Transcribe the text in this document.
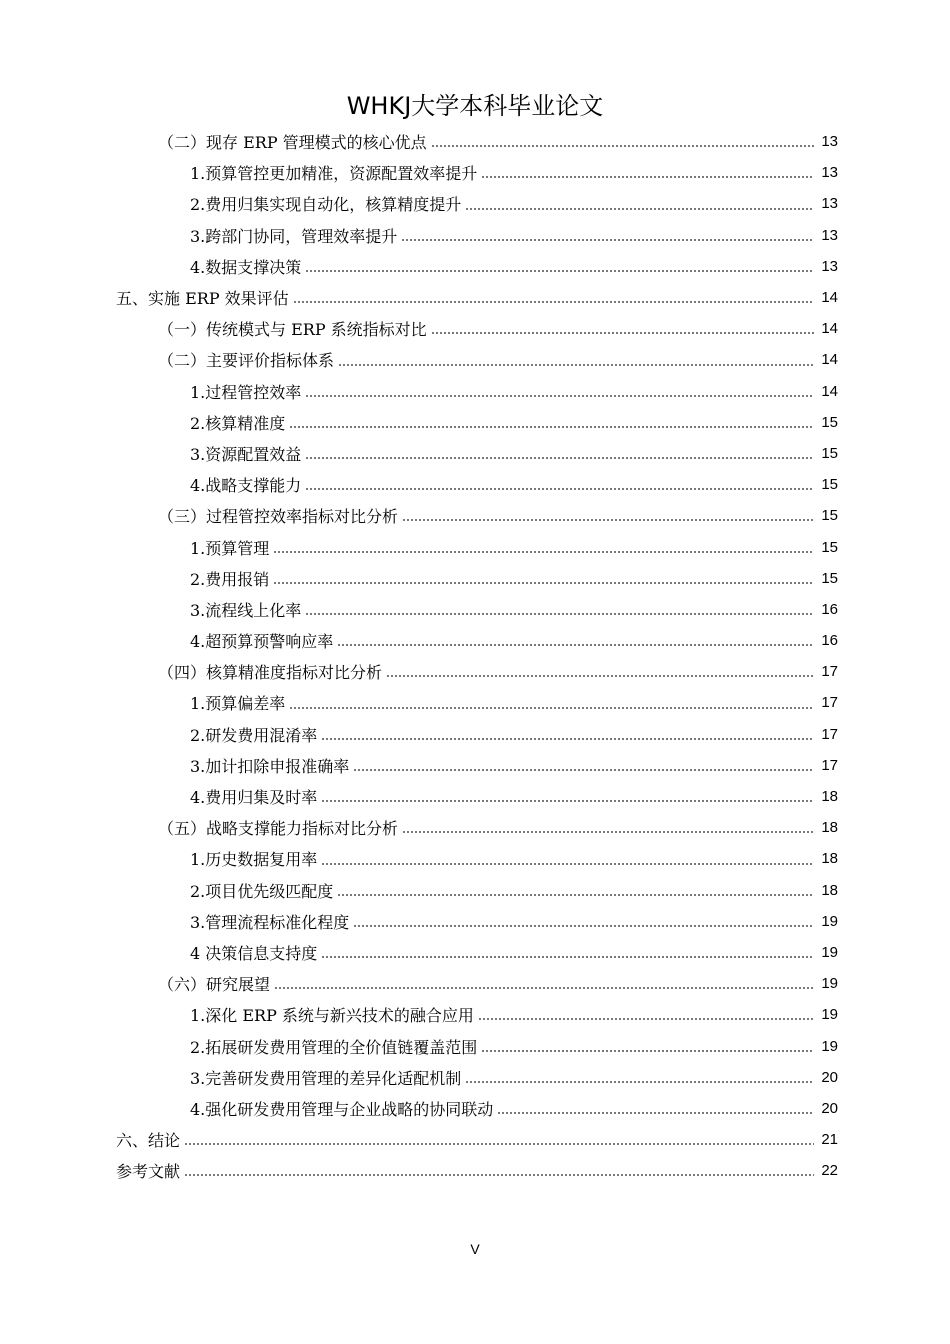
WHKJ大学本科毕业论文
（二）现存 ERP 管理模式的核心优点	13
1.预算管控更加精准，资源配置效率提升	13
2.费用归集实现自动化，核算精度提升	13
3.跨部门协同，管理效率提升	13
4.数据支撑决策	13
五、实施 ERP 效果评估	14
（一）传统模式与 ERP 系统指标对比	14
（二）主要评价指标体系	14
1.过程管控效率	14
2.核算精准度	15
3.资源配置效益	15
4.战略支撑能力	15
（三）过程管控效率指标对比分析	15
1.预算管理	15
2.费用报销	15
3.流程线上化率	16
4.超预算预警响应率	16
（四）核算精准度指标对比分析	17
1.预算偏差率	17
2.研发费用混淆率	17
3.加计扣除申报准确率	17
4.费用归集及时率	18
（五）战略支撑能力指标对比分析	18
1.历史数据复用率	18
2.项目优先级匹配度	18
3.管理流程标准化程度	19
4 决策信息支持度	19
（六）研究展望	19
1.深化 ERP 系统与新兴技术的融合应用	19
2.拓展研发费用管理的全价值链覆盖范围	19
3.完善研发费用管理的差异化适配机制	20
4.强化研发费用管理与企业战略的协同联动	20
六、结论	21
参考文献	22
V
